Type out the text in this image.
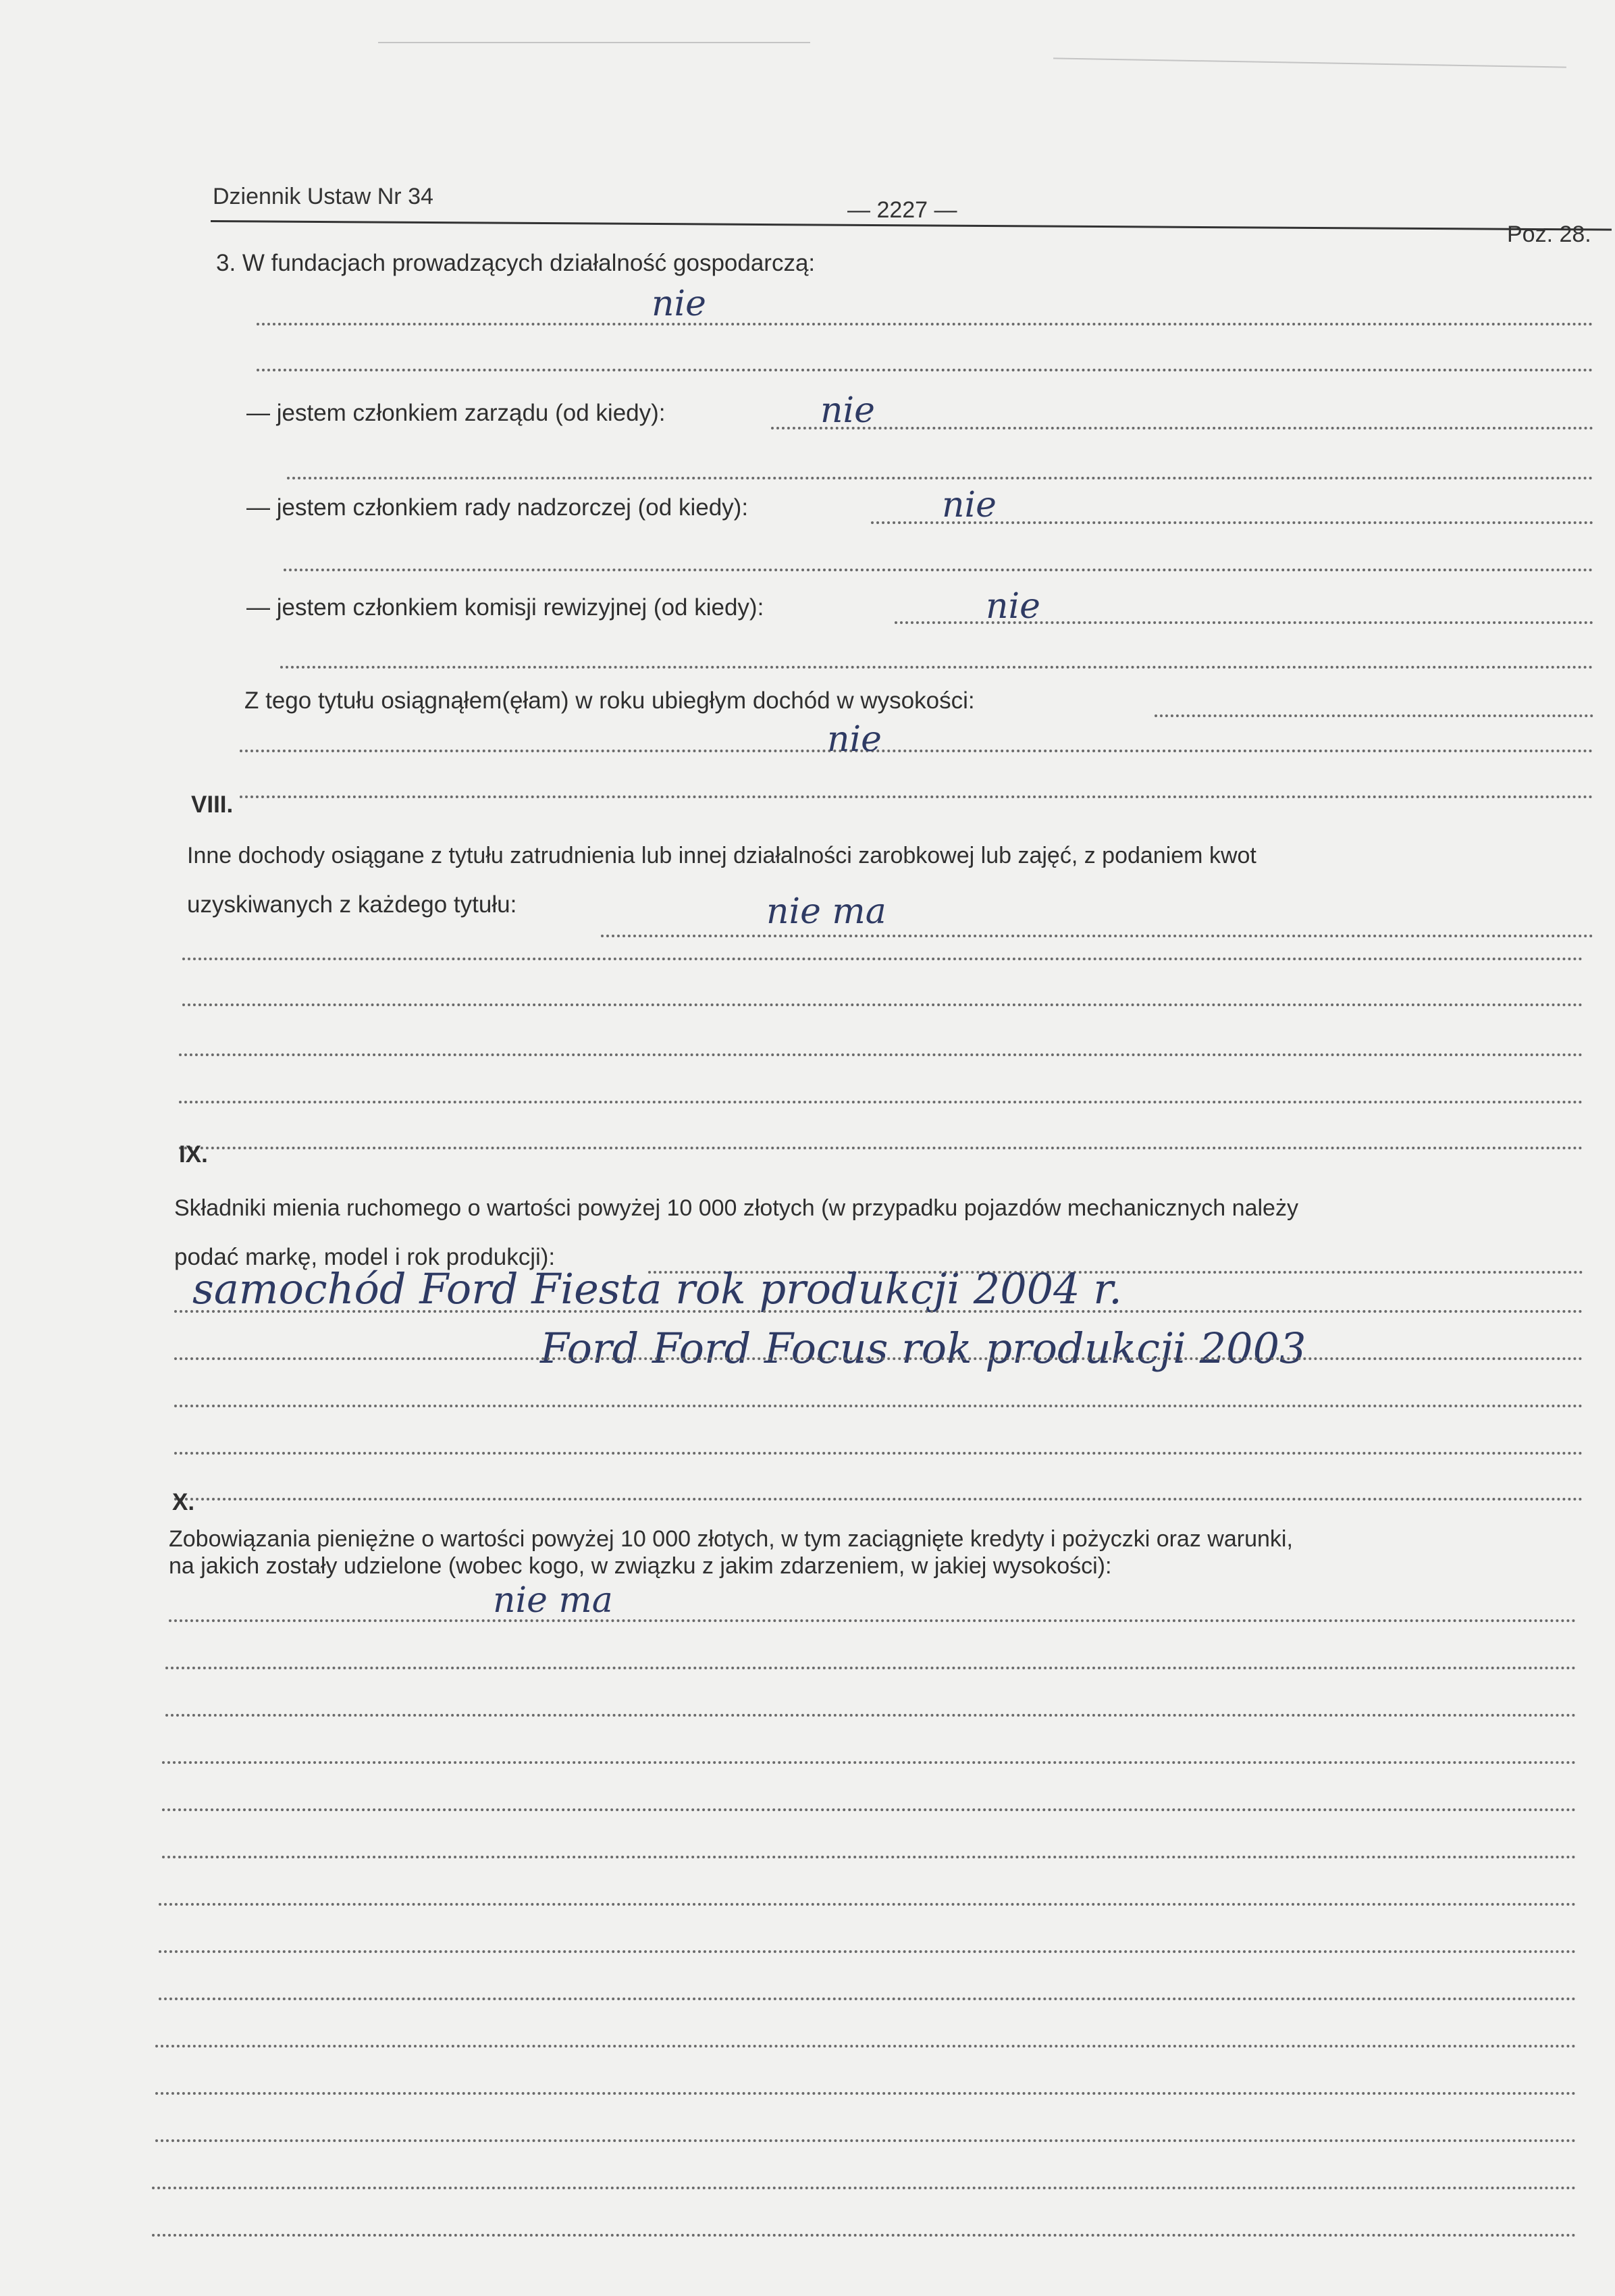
Dziennik Ustaw Nr 34
— 2227 —
Poz. 28.
3. W fundacjach prowadzących działalność gospodarczą:
nie
— jestem członkiem zarządu (od kiedy):	nie
— jestem członkiem rady nadzorczej (od kiedy):	nie
— jestem członkiem komisji rewizyjnej (od kiedy):	nie
Z tego tytułu osiągnąłem(ęłam) w roku ubiegłym dochód w wysokości:
nie
VIII.
Inne dochody osiągane z tytułu zatrudnienia lub innej działalności zarobkowej lub zajęć, z podaniem kwot
uzyskiwanych z każdego tytułu:	nie ma
IX.
Składniki mienia ruchomego o wartości powyżej 10 000 złotych (w przypadku pojazdów mechanicznych należy
podać markę, model i rok produkcji):
samochód Ford Fiesta rok produkcji 2004 r.
Ford Ford Focus rok produkcji 2003
X.
Zobowiązania pieniężne o wartości powyżej 10 000 złotych, w tym zaciągnięte kredyty i pożyczki oraz warunki,
na jakich zostały udzielone (wobec kogo, w związku z jakim zdarzeniem, w jakiej wysokości):
nie ma
